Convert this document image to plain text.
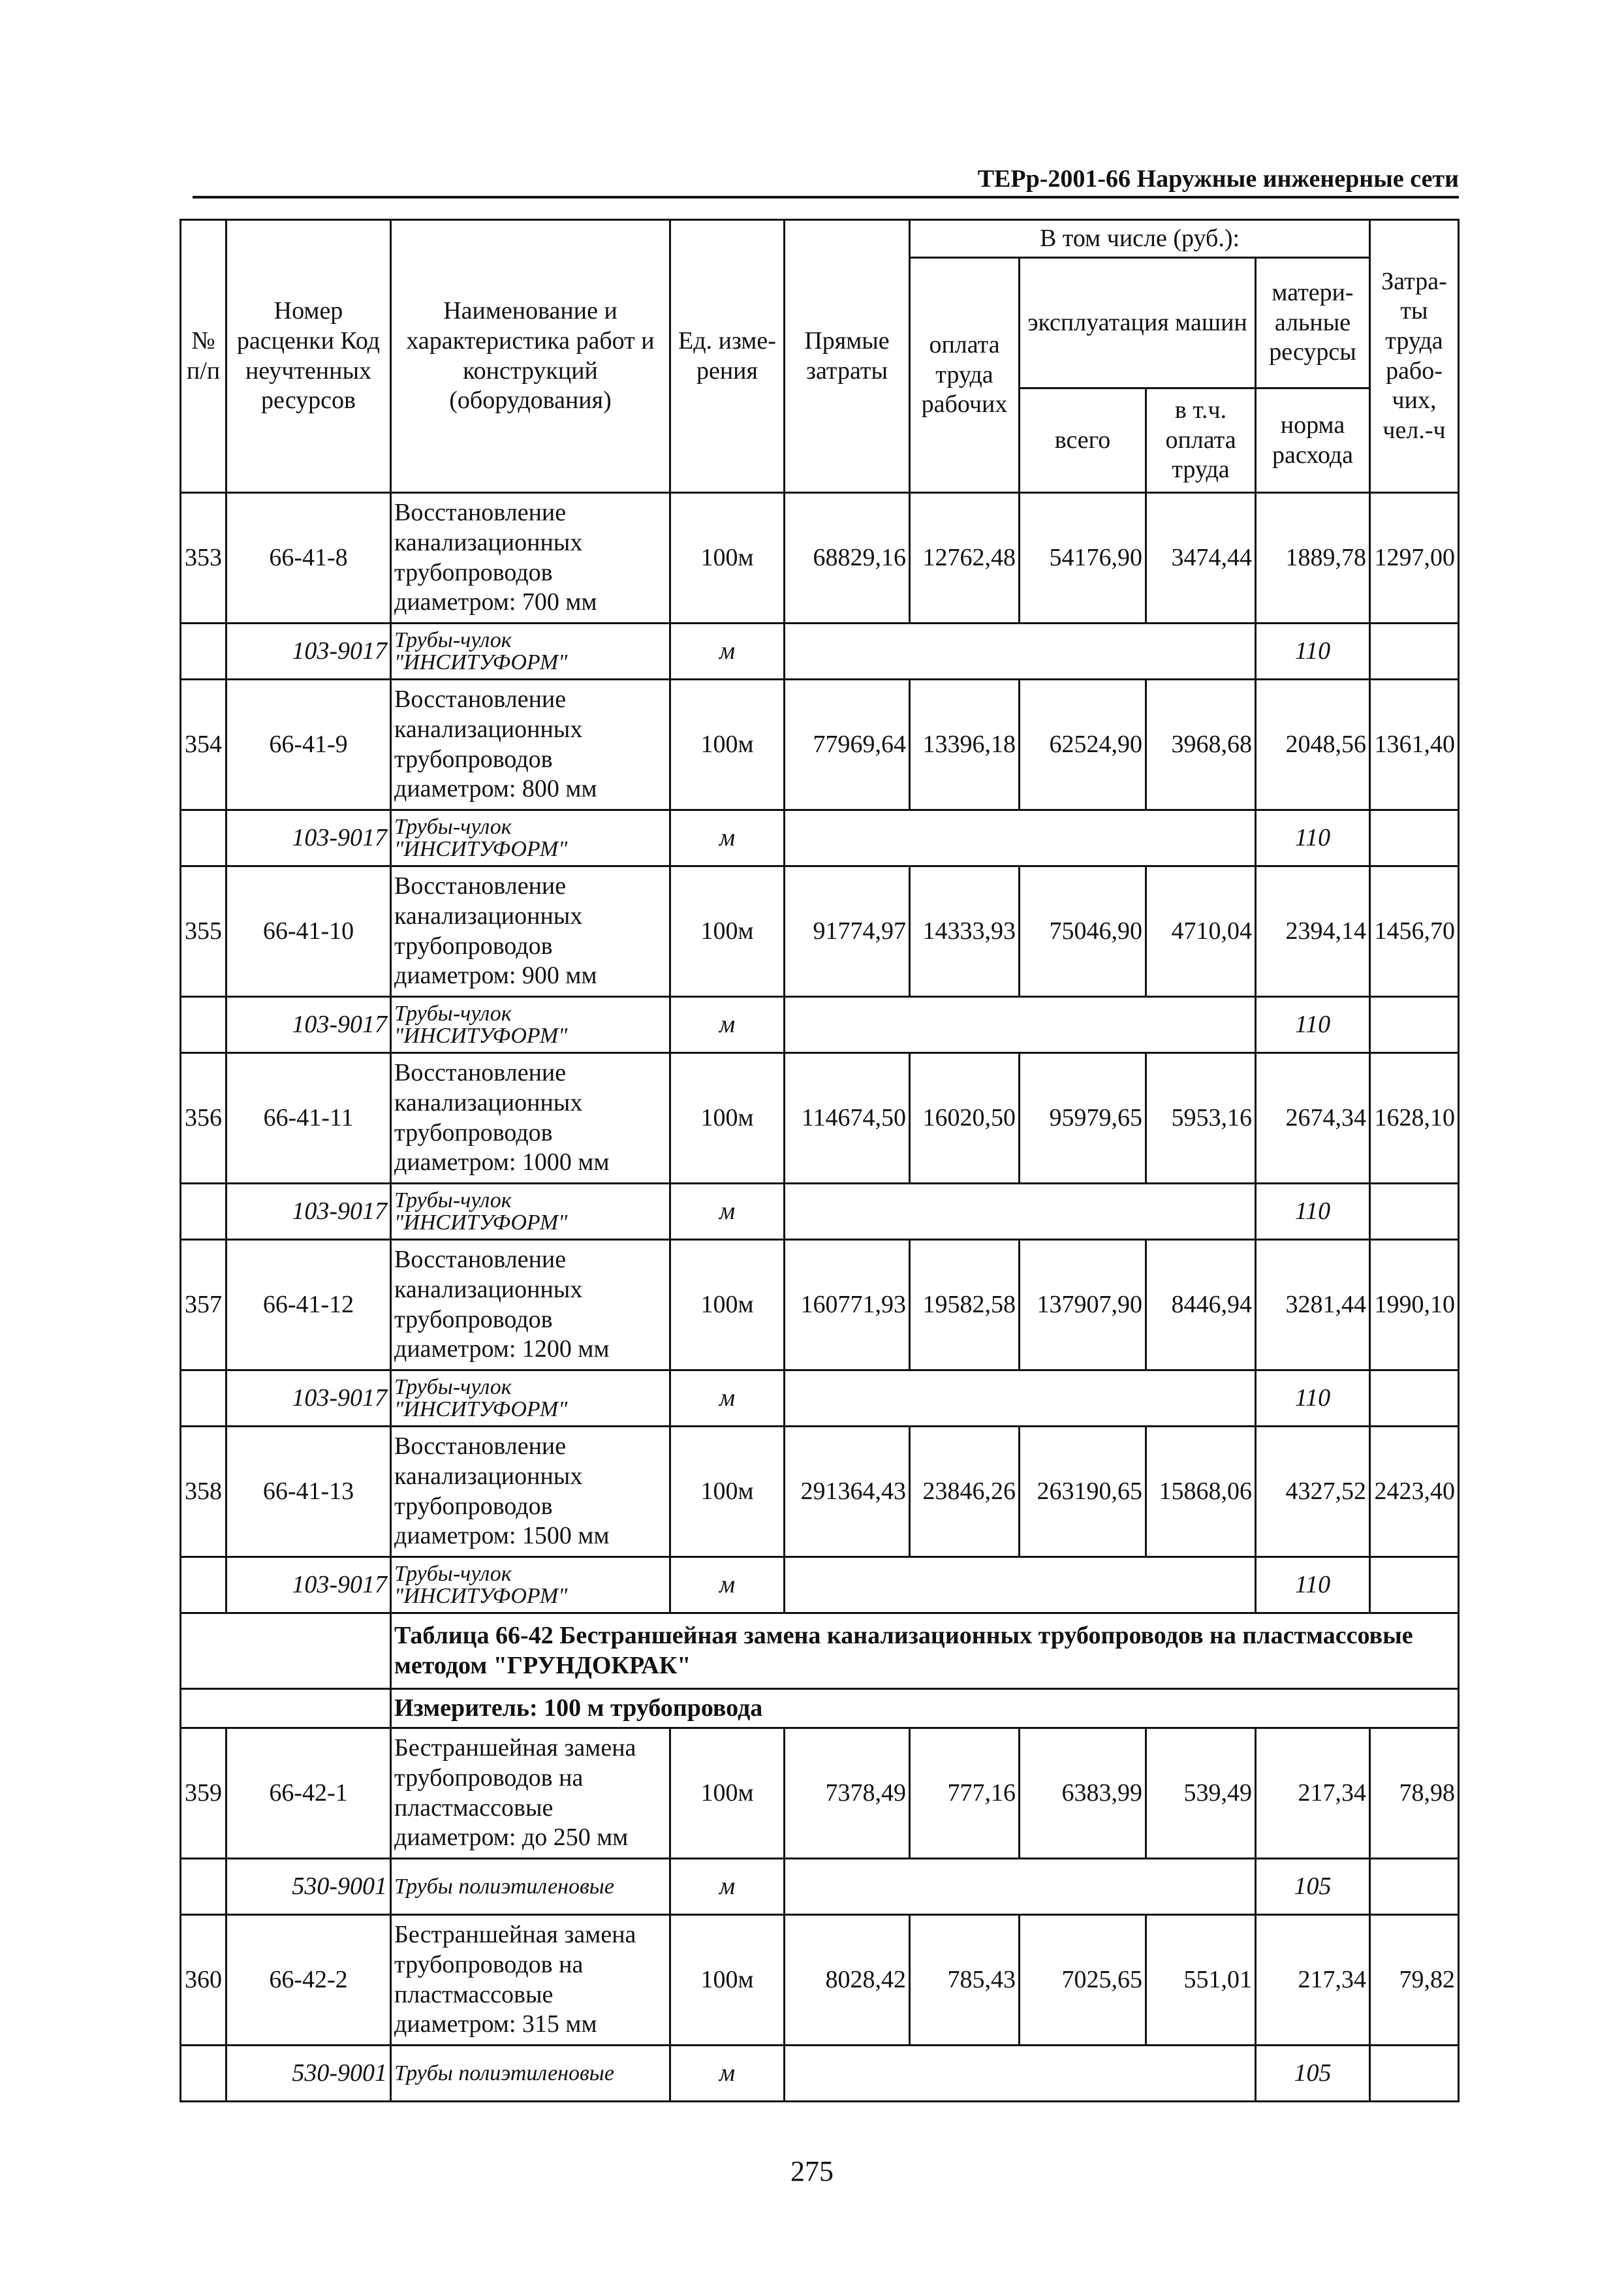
ТЕРр-2001-66 Наружные инженерные сети
№ п/п	Номер расценки Код неучтенных ресурсов	Наименование и характеристика работ и конструкций (оборудования)	Ед. изме-рения	Прямые затраты	В том числе (руб.):				Затра-ты труда рабо-чих, чел.-ч
					оплата труда рабочих	эксплуатация машин		матери-альные ресурсы	
						всего	в т.ч. оплата труда	норма расхода	
353	66-41-8	Восстановление канализационных трубопроводов диаметром: 700 мм	100м	68829,16	12762,48	54176,90	3474,44	1889,78	1297,00
	103-9017	Трубы-чулок "ИНСИТУФОРМ"	м					110	
354	66-41-9	Восстановление канализационных трубопроводов диаметром: 800 мм	100м	77969,64	13396,18	62524,90	3968,68	2048,56	1361,40
	103-9017	Трубы-чулок "ИНСИТУФОРМ"	м					110	
355	66-41-10	Восстановление канализационных трубопроводов диаметром: 900 мм	100м	91774,97	14333,93	75046,90	4710,04	2394,14	1456,70
	103-9017	Трубы-чулок "ИНСИТУФОРМ"	м					110	
356	66-41-11	Восстановление канализационных трубопроводов диаметром: 1000 мм	100м	114674,50	16020,50	95979,65	5953,16	2674,34	1628,10
	103-9017	Трубы-чулок "ИНСИТУФОРМ"	м					110	
357	66-41-12	Восстановление канализационных трубопроводов диаметром: 1200 мм	100м	160771,93	19582,58	137907,90	8446,94	3281,44	1990,10
	103-9017	Трубы-чулок "ИНСИТУФОРМ"	м					110	
358	66-41-13	Восстановление канализационных трубопроводов диаметром: 1500 мм	100м	291364,43	23846,26	263190,65	15868,06	4327,52	2423,40
	103-9017	Трубы-чулок "ИНСИТУФОРМ"	м					110	
		Таблица 66-42 Бестраншейная замена канализационных трубопроводов на пластмассовые методом "ГРУНДОКРАК"							
		Измеритель: 100 м трубопровода							
359	66-42-1	Бестраншейная замена трубопроводов на пластмассовые диаметром: до 250 мм	100м	7378,49	777,16	6383,99	539,49	217,34	78,98
	530-9001	Трубы полиэтиленовые	м					105	
360	66-42-2	Бестраншейная замена трубопроводов на пластмассовые диаметром: 315 мм	100м	8028,42	785,43	7025,65	551,01	217,34	79,82
	530-9001	Трубы полиэтиленовые	м					105	
275
